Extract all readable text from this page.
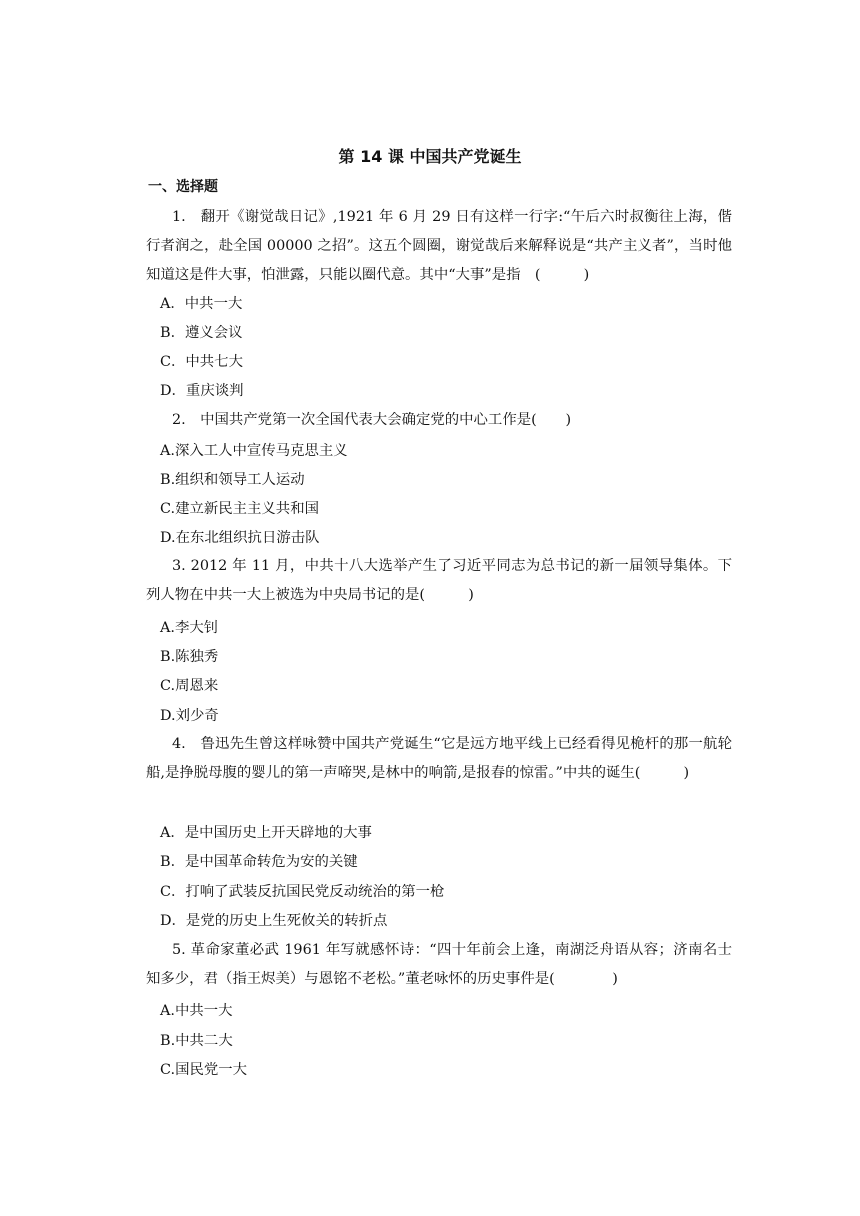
第 14 课 中国共产党诞生
一、选择题
1.　翻开《谢觉哉日记》,1921 年 6 月 29 日有这样一行字:“午后六时叔衡往上海，偕行者润之，赴全国 00000 之招”。这五个圆圈，谢觉哉后来解释说是“共产主义者”，当时他知道这是件大事，怕泄露，只能以圈代意。其中“大事”是指　(　　　)
A．中共一大
B．遵义会议
C．中共七大
D．重庆谈判
2.　中国共产党第一次全国代表大会确定党的中心工作是(　　)
A.深入工人中宣传马克思主义
B.组织和领导工人运动
C.建立新民主主义共和国
D.在东北组织抗日游击队
3. 2012 年 11 月，中共十八大选举产生了习近平同志为总书记的新一届领导集体。下列人物在中共一大上被选为中央局书记的是(　　　)
A.李大钊
B.陈独秀
C.周恩来
D.刘少奇
4.　鲁迅先生曾这样咏赞中国共产党诞生“它是远方地平线上已经看得见桅杆的那一航轮船,是挣脱母腹的婴儿的第一声啼哭,是林中的响箭,是报春的惊雷。”中共的诞生(　　　)
A．是中国历史上开天辟地的大事
B．是中国革命转危为安的关键
C．打响了武装反抗国民党反动统治的第一枪
D．是党的历史上生死攸关的转折点
5. 革命家董必武 1961 年写就感怀诗：“四十年前会上逢，南湖泛舟语从容；济南名士知多少，君（指王烬美）与恩铭不老松。”董老咏怀的历史事件是(　　　　)
A.中共一大
B.中共二大
C.国民党一大
